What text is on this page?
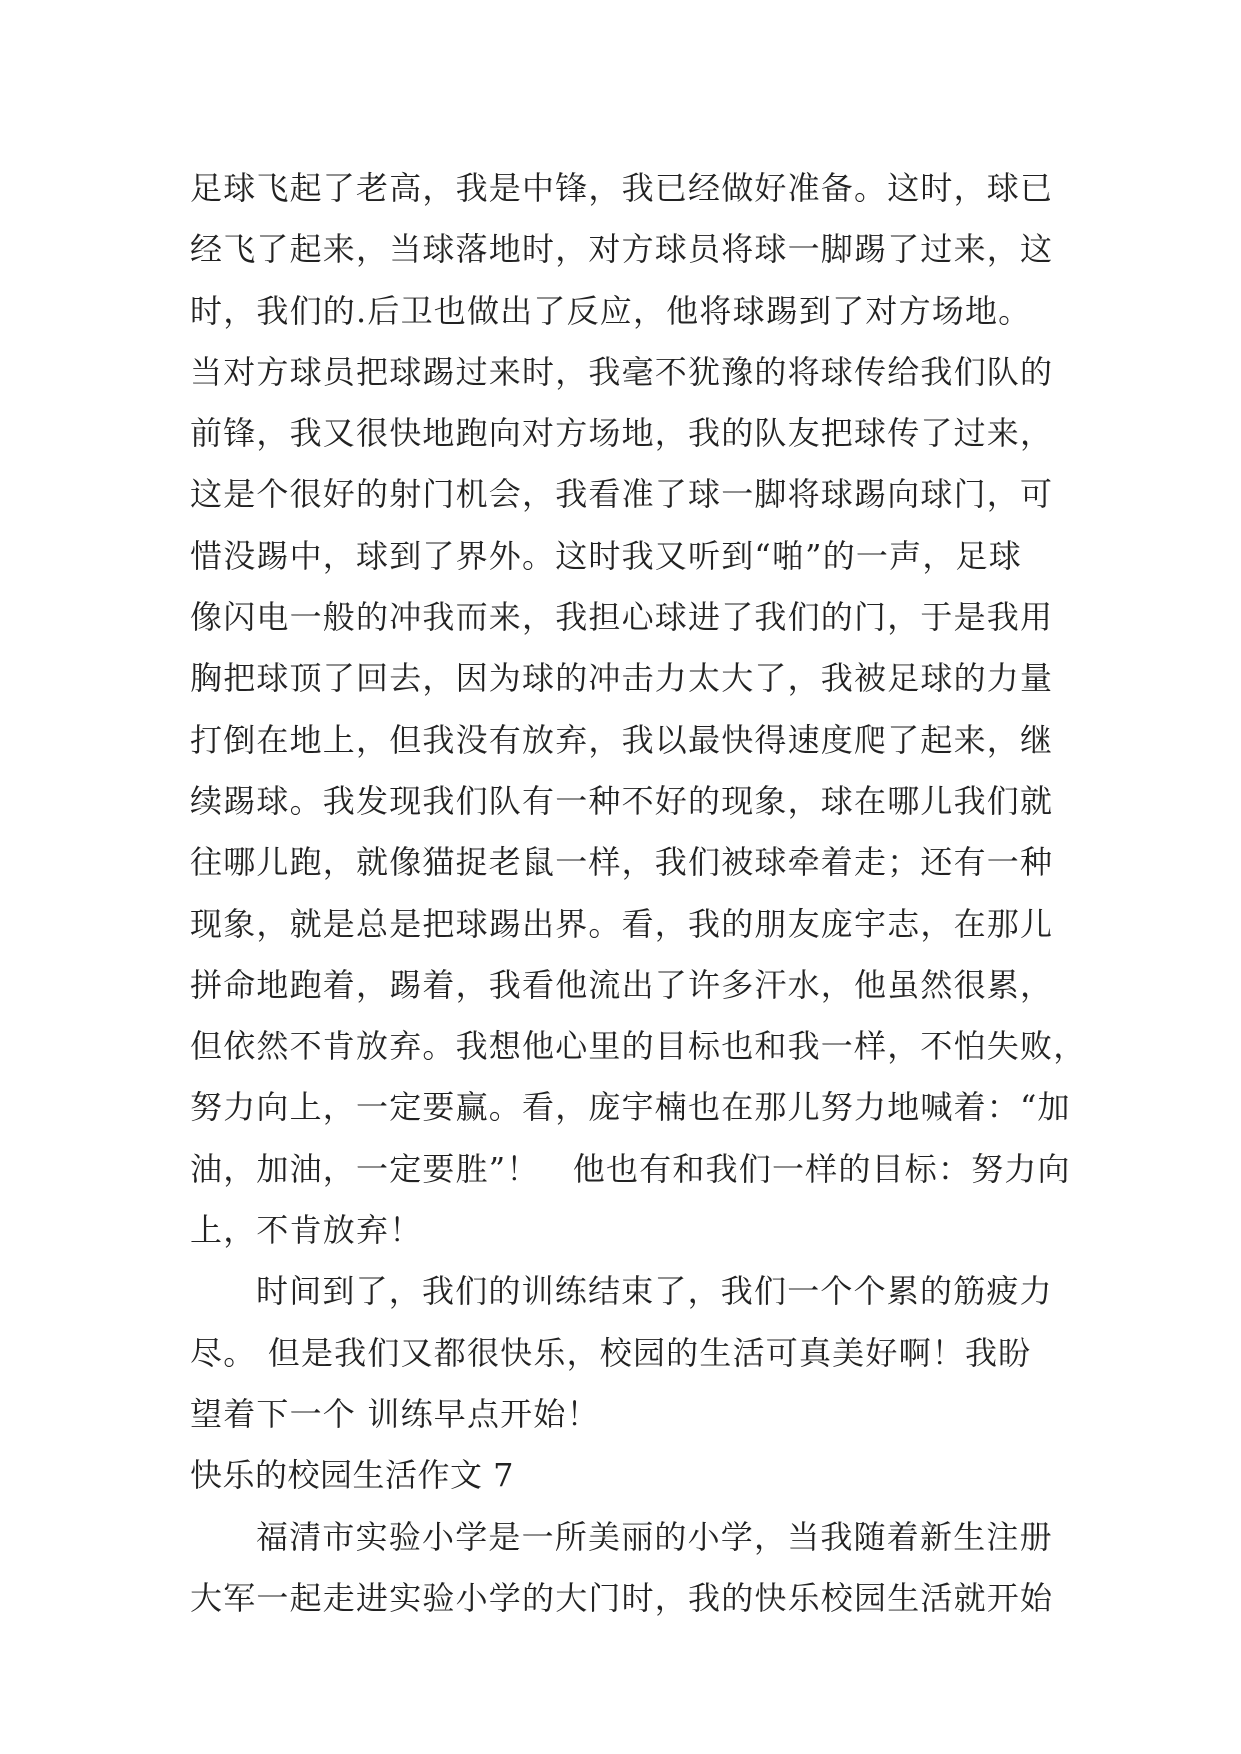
足球飞起了老高，我是中锋，我已经做好准备。这时，球已
经飞了起来，当球落地时，对方球员将球一脚踢了过来，这
时，我们的.后卫也做出了反应，他将球踢到了对方场地。
当对方球员把球踢过来时，我毫不犹豫的将球传给我们队的
前锋，我又很快地跑向对方场地，我的队友把球传了过来，
这是个很好的射门机会，我看准了球一脚将球踢向球门，可
惜没踢中，球到了界外。这时我又听到“啪”的一声，足球
像闪电一般的冲我而来，我担心球进了我们的门，于是我用
胸把球顶了回去，因为球的冲击力太大了，我被足球的力量
打倒在地上，但我没有放弃，我以最快得速度爬了起来，继
续踢球。我发现我们队有一种不好的现象，球在哪儿我们就
往哪儿跑，就像猫捉老鼠一样，我们被球牵着走；还有一种
现象，就是总是把球踢出界。看，我的朋友庞宇志，在那儿
拼命地跑着，踢着，我看他流出了许多汗水，他虽然很累，
但依然不肯放弃。我想他心里的目标也和我一样，不怕失败，
努力向上，一定要赢。看，庞宇楠也在那儿努力地喊着：“加
油，加油，一定要胜”！　他也有和我们一样的目标：努力向
上，不肯放弃！
时间到了，我们的训练结束了，我们一个个累的筋疲力
尽。 但是我们又都很快乐，校园的生活可真美好啊！我盼
望着下一个 训练早点开始！
快乐的校园生活作文 7
福清市实验小学是一所美丽的小学，当我随着新生注册
大军一起走进实验小学的大门时，我的快乐校园生活就开始
